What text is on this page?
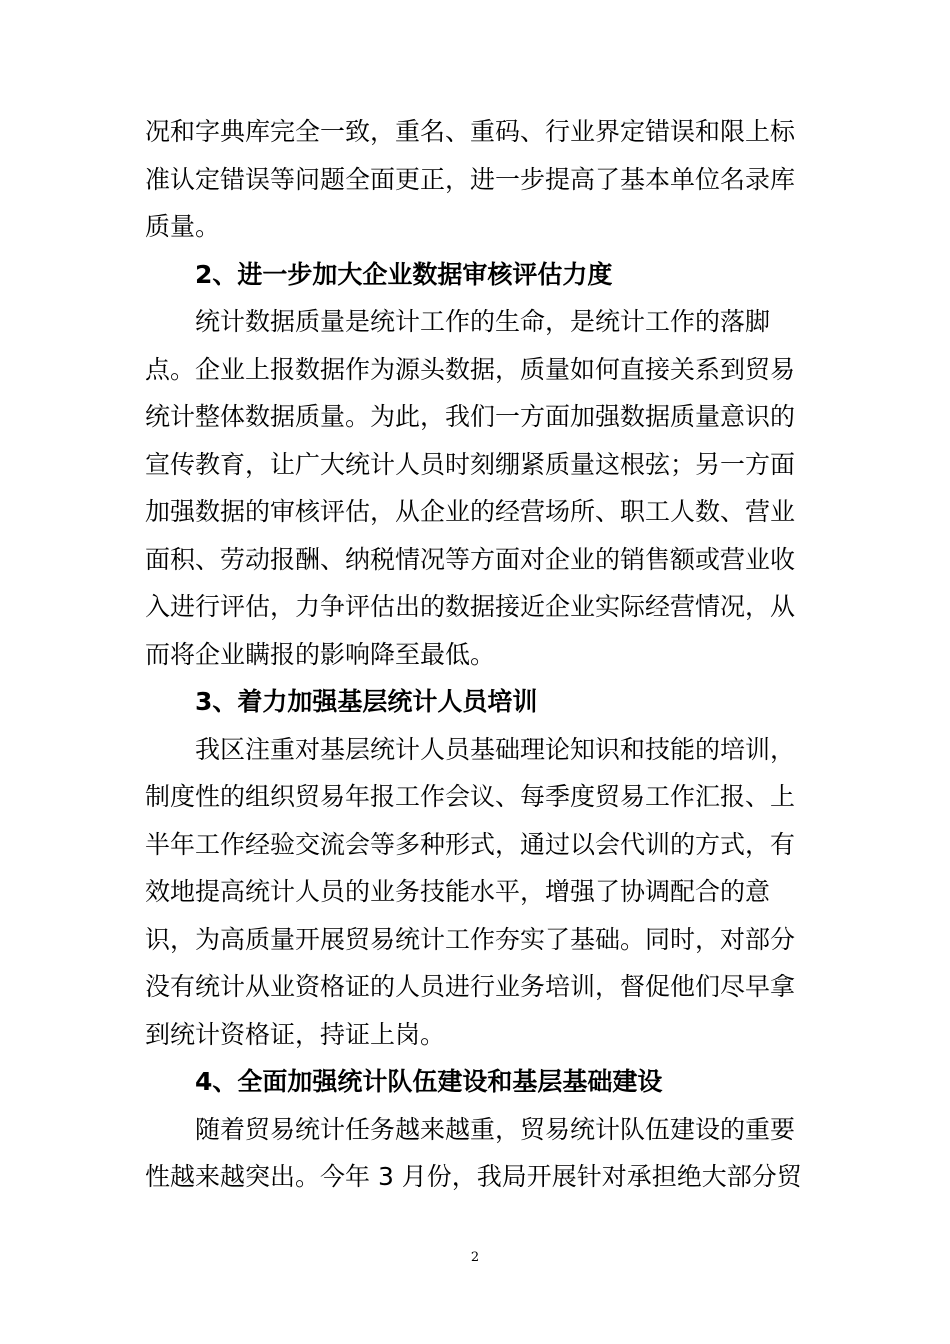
况和字典库完全一致，重名、重码、行业界定错误和限上标
准认定错误等问题全面更正，进一步提高了基本单位名录库
质量。
2、进一步加大企业数据审核评估力度
统计数据质量是统计工作的生命，是统计工作的落脚
点。企业上报数据作为源头数据，质量如何直接关系到贸易
统计整体数据质量。为此，我们一方面加强数据质量意识的
宣传教育，让广大统计人员时刻绷紧质量这根弦；另一方面
加强数据的审核评估，从企业的经营场所、职工人数、营业
面积、劳动报酬、纳税情况等方面对企业的销售额或营业收
入进行评估，力争评估出的数据接近企业实际经营情况，从
而将企业瞒报的影响降至最低。
3、着力加强基层统计人员培训
我区注重对基层统计人员基础理论知识和技能的培训，
制度性的组织贸易年报工作会议、每季度贸易工作汇报、上
半年工作经验交流会等多种形式，通过以会代训的方式，有
效地提高统计人员的业务技能水平，增强了协调配合的意
识，为高质量开展贸易统计工作夯实了基础。同时，对部分
没有统计从业资格证的人员进行业务培训，督促他们尽早拿
到统计资格证，持证上岗。
4、全面加强统计队伍建设和基层基础建设
随着贸易统计任务越来越重，贸易统计队伍建设的重要
性越来越突出。今年 3 月份，我局开展针对承担绝大部分贸
2
